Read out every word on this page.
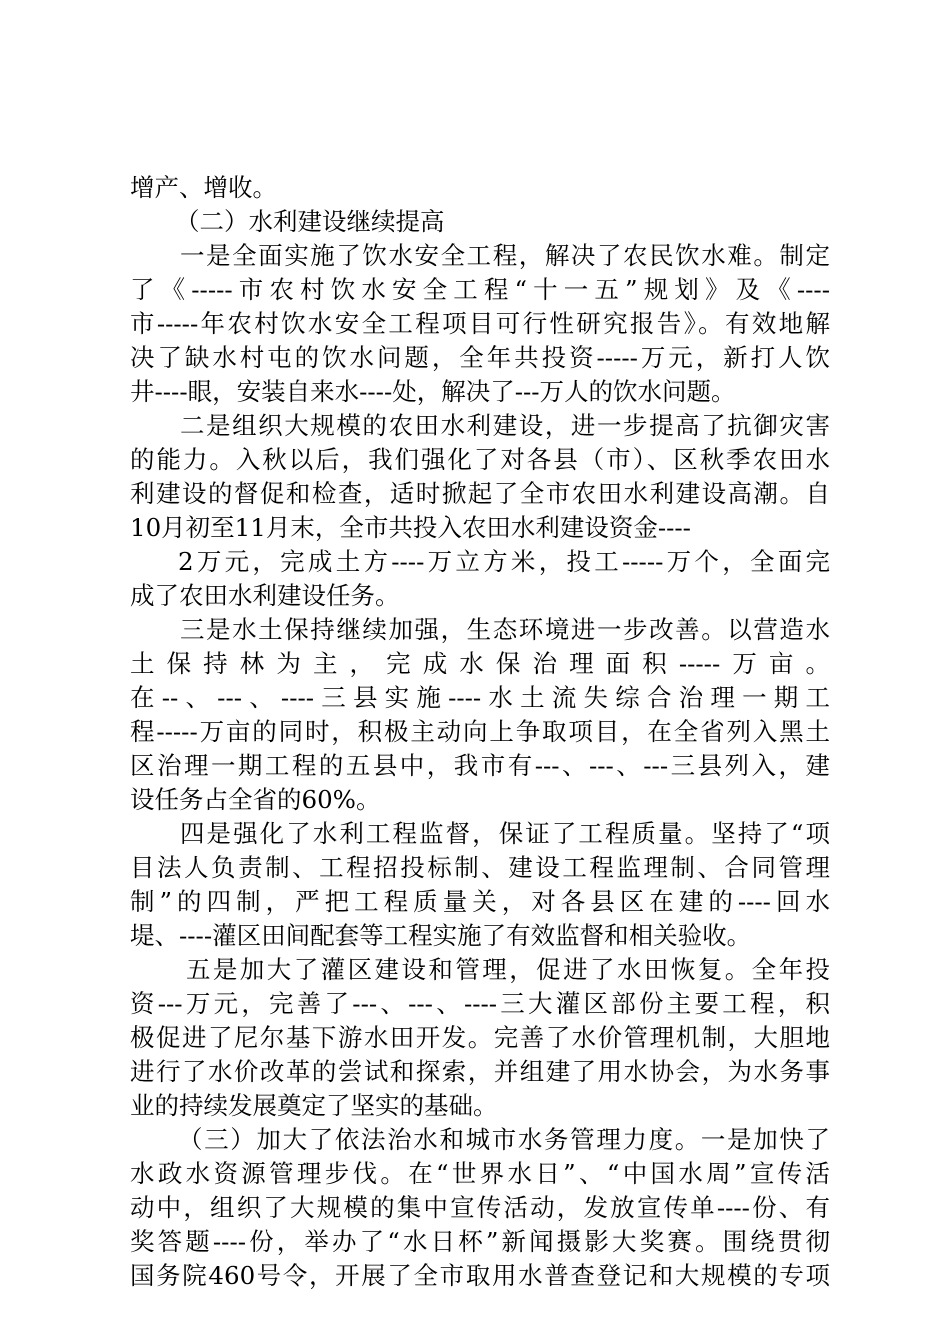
增产、增收。
（二）水利建设继续提高
一是全面实施了饮水安全工程，解决了农民饮水难。制定
了《-----市农村饮水安全工程“十一五”规划》及《----
市-----年农村饮水安全工程项目可行性研究报告》。有效地解
决了缺水村屯的饮水问题，全年共投资-----万元，新打人饮
井----眼，安装自来水----处，解决了---万人的饮水问题。
二是组织大规模的农田水利建设，进一步提高了抗御灾害
的能力。入秋以后，我们强化了对各县（市）、区秋季农田水
利建设的督促和检查，适时掀起了全市农田水利建设高潮。自
10月初至11月末，全市共投入农田水利建设资金----
2万元，完成土方----万立方米，投工-----万个，全面完
成了农田水利建设任务。
三是水土保持继续加强，生态环境进一步改善。以营造水
土保持林为主，完成水保治理面积-----万亩。
在--、---、----三县实施----水土流失综合治理一期工
程-----万亩的同时，积极主动向上争取项目，在全省列入黑土
区治理一期工程的五县中，我市有---、---、---三县列入，建
设任务占全省的60%。
四是强化了水利工程监督，保证了工程质量。坚持了“项
目法人负责制、工程招投标制、建设工程监理制、合同管理
制”的四制，严把工程质量关，对各县区在建的----回水
堤、----灌区田间配套等工程实施了有效监督和相关验收。
五是加大了灌区建设和管理，促进了水田恢复。全年投
资---万元，完善了---、---、----三大灌区部份主要工程，积
极促进了尼尔基下游水田开发。完善了水价管理机制，大胆地
进行了水价改革的尝试和探索，并组建了用水协会，为水务事
业的持续发展奠定了坚实的基础。
（三）加大了依法治水和城市水务管理力度。一是加快了
水政水资源管理步伐。在“世界水日”、“中国水周”宣传活
动中，组织了大规模的集中宣传活动，发放宣传单----份、有
奖答题----份，举办了“水日杯”新闻摄影大奖赛。围绕贯彻
国务院460号令，开展了全市取用水普查登记和大规模的专项
